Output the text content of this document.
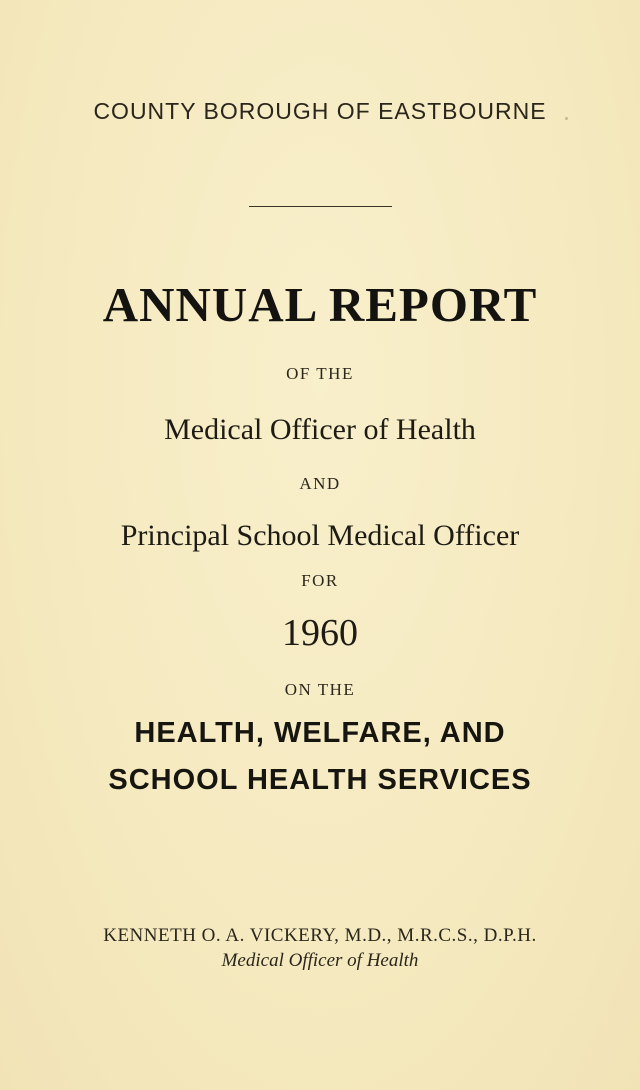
COUNTY BOROUGH OF EASTBOURNE
ANNUAL REPORT
OF THE
Medical Officer of Health
AND
Principal School Medical Officer
FOR
1960
ON THE
HEALTH, WELFARE, AND
SCHOOL HEALTH SERVICES
KENNETH O. A. VICKERY, M.D., M.R.C.S., D.P.H.
Medical Officer of Health
